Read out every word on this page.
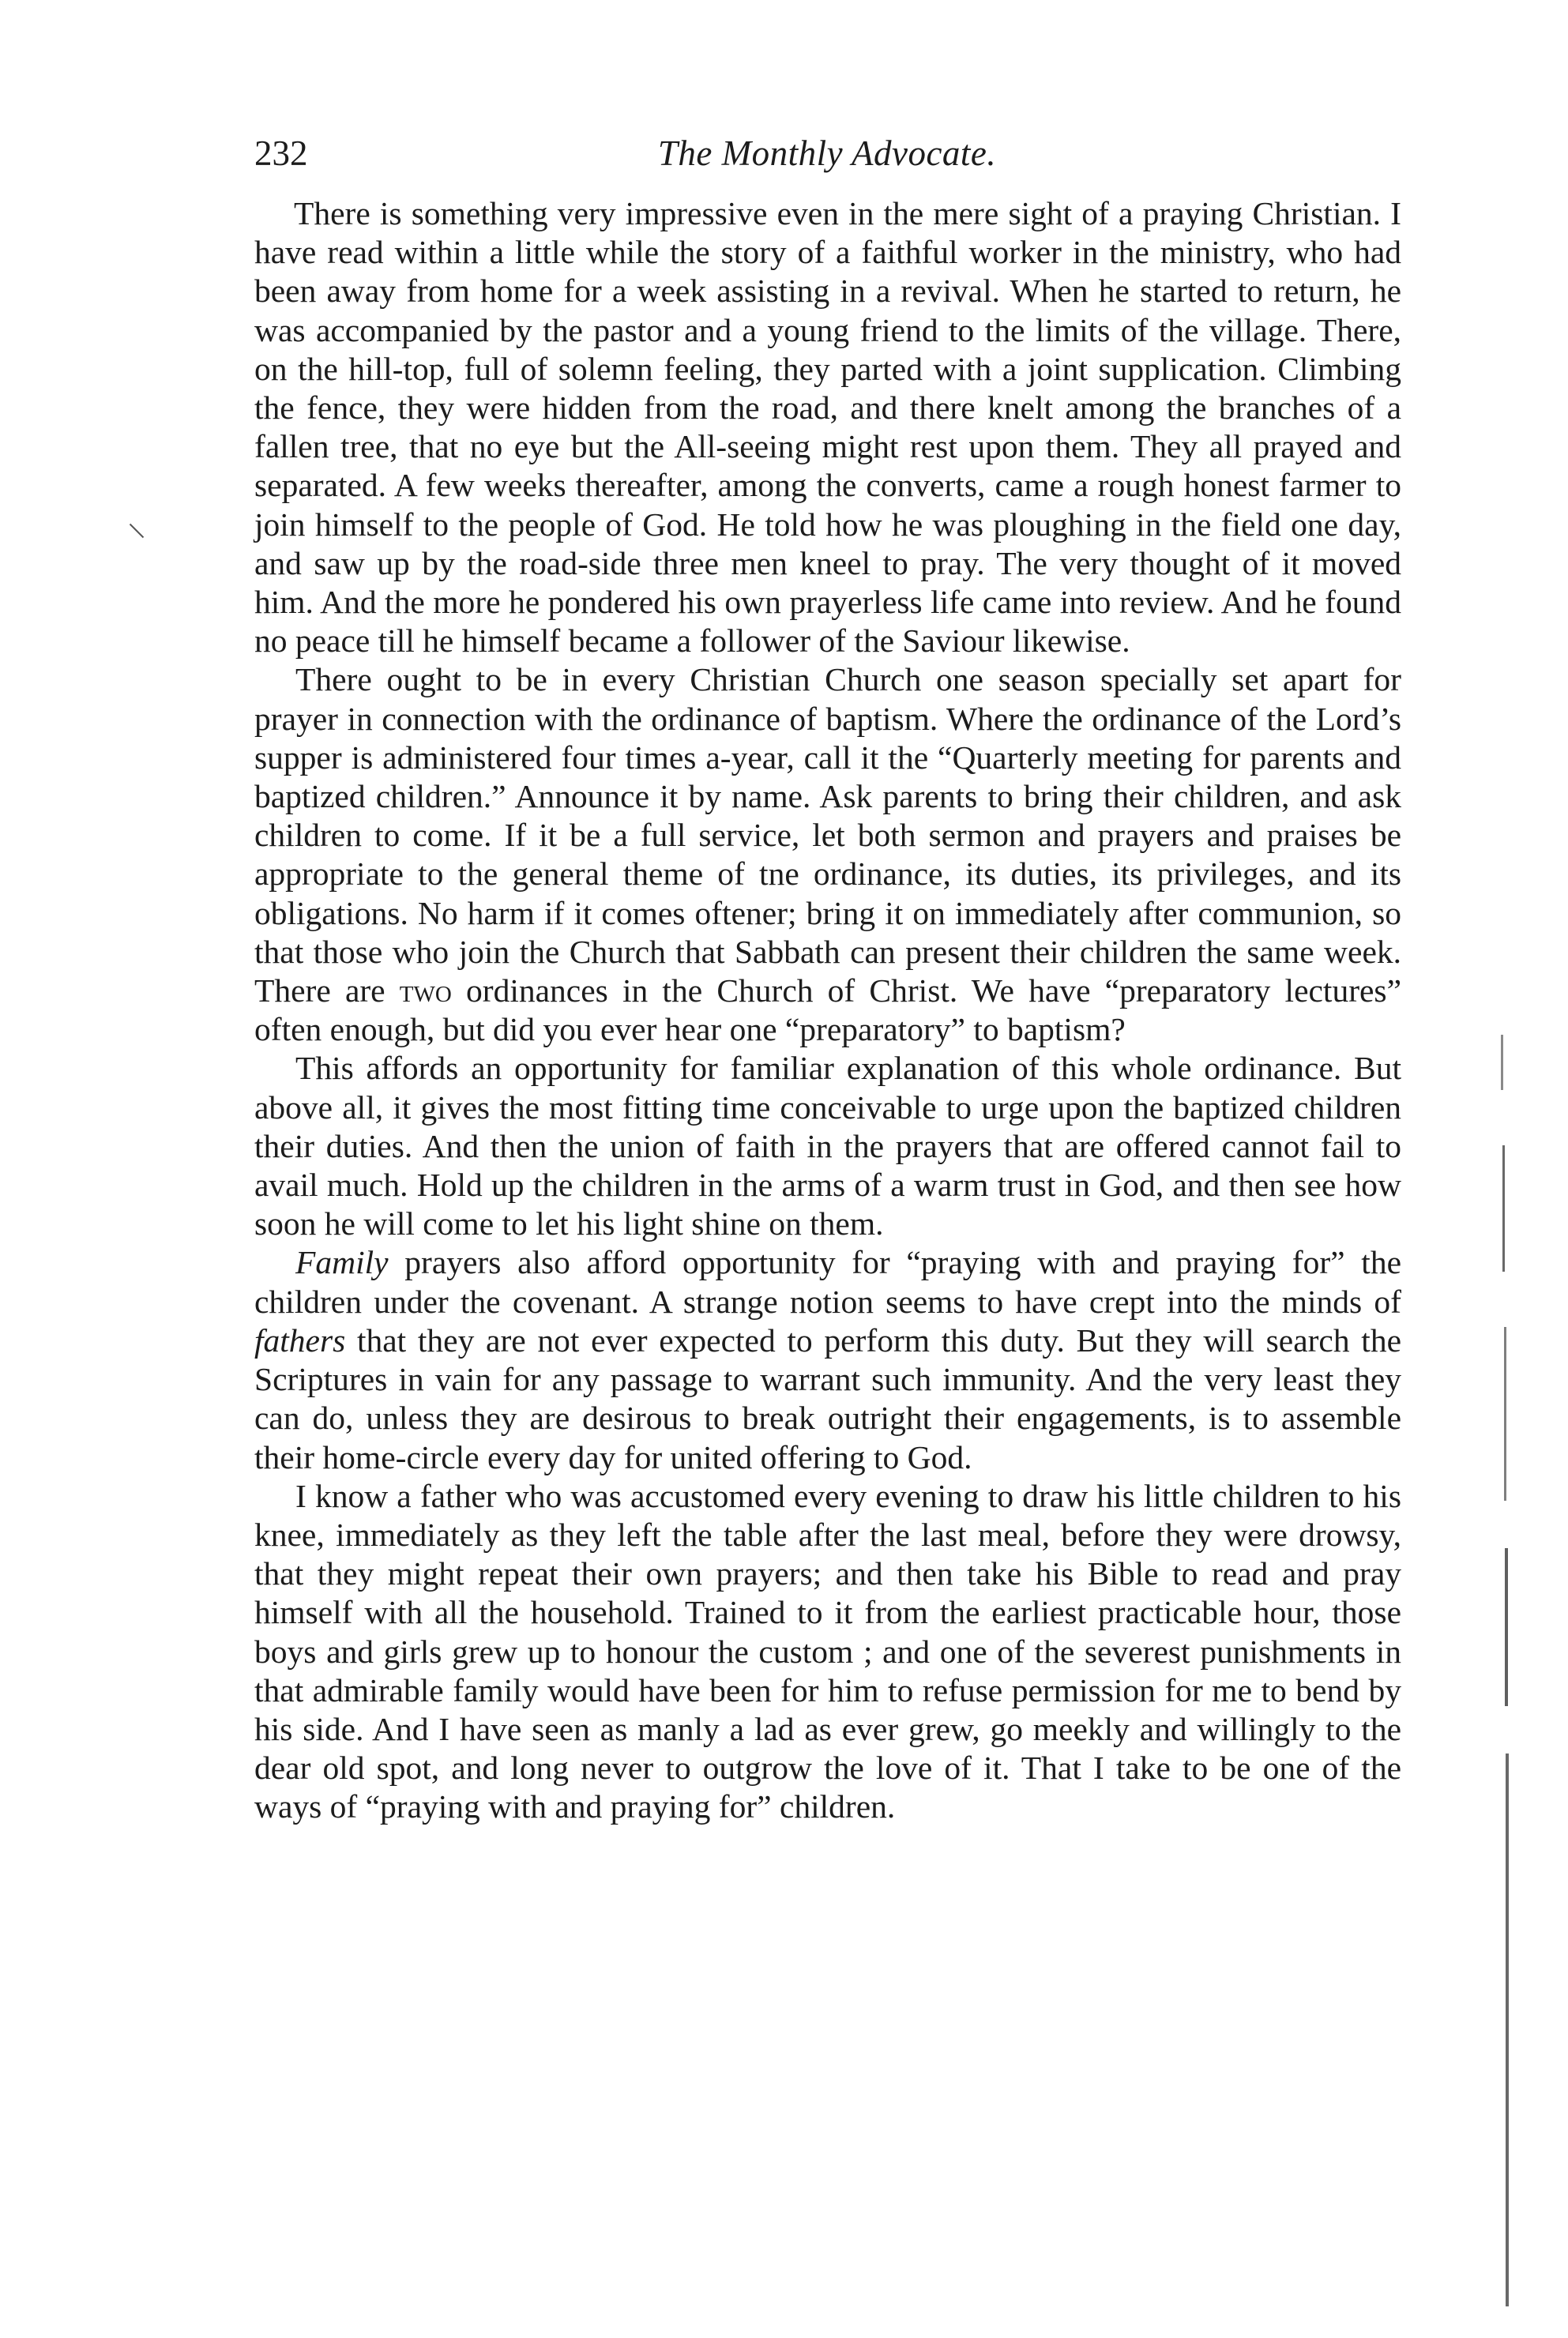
232	The Monthly Advocate.

There is something very impressive even in the mere sight of a praying Christian. I have read within a little while the story of a faithful worker in the ministry, who had been away from home for a week assisting in a revival. When he started to return, he was accompanied by the pastor and a young friend to the limits of the village. There, on the hill-top, full of solemn feeling, they parted with a joint supplication. Climbing the fence, they were hidden from the road, and there knelt among the branches of a fallen tree, that no eye but the All-seeing might rest upon them. They all prayed and separated. A few weeks thereafter, among the converts, came a rough honest farmer to join himself to the people of God. He told how he was ploughing in the field one day, and saw up by the road-side three men kneel to pray. The very thought of it moved him. And the more he pondered his own prayerless life came into review. And he found no peace till he himself became a follower of the Saviour likewise.

There ought to be in every Christian Church one season specially set apart for prayer in connection with the ordinance of baptism. Where the ordinance of the Lord’s supper is administered four times a-year, call it the “Quarterly meeting for parents and baptized children.” Announce it by name. Ask parents to bring their children, and ask children to come. If it be a full service, let both sermon and prayers and praises be appropriate to the general theme of tne ordinance, its duties, its privileges, and its obligations. No harm if it comes oftener; bring it on immediately after communion, so that those who join the Church that Sabbath can present their children the same week. There are two ordinances in the Church of Christ. We have “preparatory lectures” often enough, but did you ever hear one “preparatory” to baptism?

This affords an opportunity for familiar explanation of this whole ordinance. But above all, it gives the most fitting time conceivable to urge upon the baptized children their duties. And then the union of faith in the prayers that are offered cannot fail to avail much. Hold up the children in the arms of a warm trust in God, and then see how soon he will come to let his light shine on them.

Family prayers also afford opportunity for “praying with and praying for” the children under the covenant. A strange notion seems to have crept into the minds of fathers that they are not ever expected to perform this duty. But they will search the Scriptures in vain for any passage to warrant such immunity. And the very least they can do, unless they are desirous to break outright their engagements, is to assemble their home-circle every day for united offering to God.

I know a father who was accustomed every evening to draw his little children to his knee, immediately as they left the table after the last meal, before they were drowsy, that they might repeat their own prayers; and then take his Bible to read and pray himself with all the household. Trained to it from the earliest practicable hour, those boys and girls grew up to honour the custom ; and one of the severest punishments in that admirable family would have been for him to refuse permission for me to bend by his side. And I have seen as manly a lad as ever grew, go meekly and willingly to the dear old spot, and long never to outgrow the love of it. That I take to be one of the ways of “praying with and praying for” children.
